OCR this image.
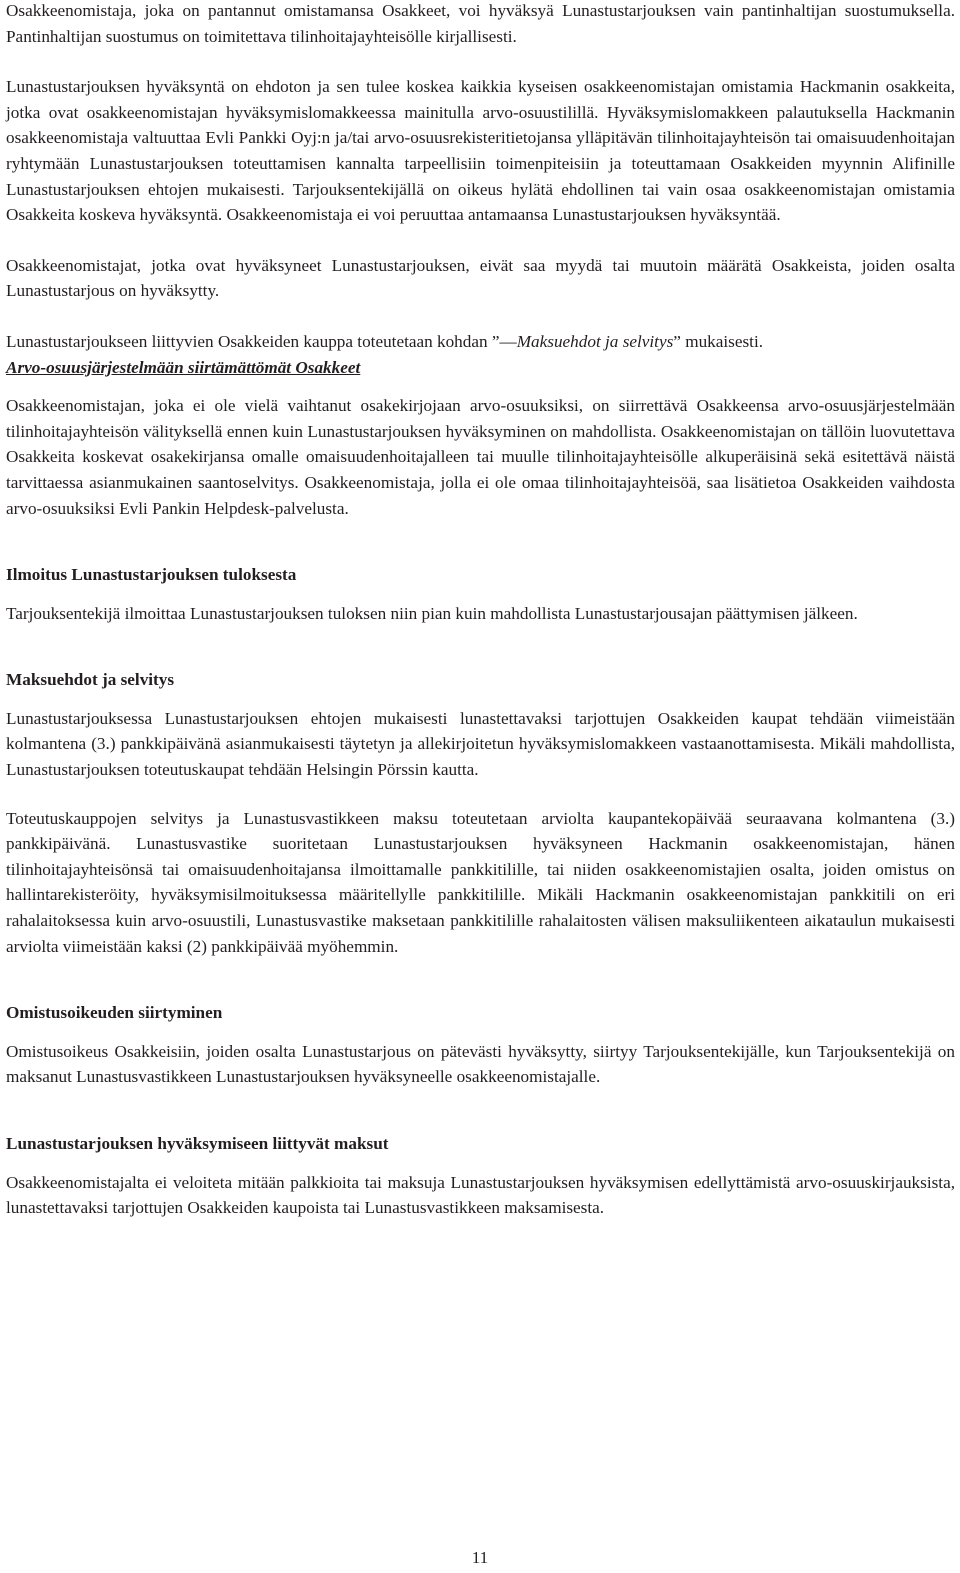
Osakkeenomistaja, joka on pantannut omistamansa Osakkeet, voi hyväksyä Lunastustarjouksen vain pantinhaltijan suostumuksella. Pantinhaltijan suostumus on toimitettava tilinhoitajayhteisölle kirjallisesti.

Lunastustarjouksen hyväksyntä on ehdoton ja sen tulee koskea kaikkia kyseisen osakkeenomistajan omistamia Hackmanin osakkeita, jotka ovat osakkeenomistajan hyväksymislomakkeessa mainitulla arvo-osuustilillä. Hyväksymislomakkeen palautuksella Hackmanin osakkeenomistaja valtuuttaa Evli Pankki Oyj:n ja/tai arvo-osuusrekisteritietojansa ylläpitävän tilinhoitajayhteisön tai omaisuudenhoitajan ryhtymään Lunastustarjouksen toteuttamisen kannalta tarpeellisiin toimenpiteisiin ja toteuttamaan Osakkeiden myynnin Alifinille Lunastustarjouksen ehtojen mukaisesti. Tarjouksentekijällä on oikeus hylätä ehdollinen tai vain osaa osakkeenomistajan omistamia Osakkeita koskeva hyväksyntä. Osakkeenomistaja ei voi peruuttaa antamaansa Lunastustarjouksen hyväksyntää.

Osakkeenomistajat, jotka ovat hyväksyneet Lunastustarjouksen, eivät saa myydä tai muutoin määrätä Osakkeista, joiden osalta Lunastustarjous on hyväksytty.

Lunastustarjoukseen liittyvien Osakkeiden kauppa toteutetaan kohdan ”—Maksuehdot ja selvitys” mukaisesti.

Arvo-osuusjärjestelmään siirtämättömät Osakkeet

Osakkeenomistajan, joka ei ole vielä vaihtanut osakekirjojaan arvo-osuuksiksi, on siirrettävä Osakkeensa arvo-osuusjärjestelmään tilinhoitajayhteisön välityksellä ennen kuin Lunastustarjouksen hyväksyminen on mahdollista. Osakkeenomistajan on tällöin luovutettava Osakkeita koskevat osakekirjansa omalle omaisuudenhoitajalleen tai muulle tilinhoitajayhteisölle alkuperäisinä sekä esitettävä näistä tarvittaessa asianmukainen saantoselvitys. Osakkeenomistaja, jolla ei ole omaa tilinhoitajayhteisöä, saa lisätietoa Osakkeiden vaihdosta arvo-osuuksiksi Evli Pankin Helpdesk-palvelusta.

Ilmoitus Lunastustarjouksen tuloksesta

Tarjouksentekijä ilmoittaa Lunastustarjouksen tuloksen niin pian kuin mahdollista Lunastustarjousajan päättymisen jälkeen.

Maksuehdot ja selvitys

Lunastustarjouksessa Lunastustarjouksen ehtojen mukaisesti lunastettavaksi tarjottujen Osakkeiden kaupat tehdään viimeistään kolmantena (3.) pankkipäivänä asianmukaisesti täytetyn ja allekirjoitetun hyväksymislomakkeen vastaanottamisesta. Mikäli mahdollista, Lunastustarjouksen toteutuskaupat tehdään Helsingin Pörssin kautta.

Toteutuskauppojen selvitys ja Lunastusvastikkeen maksu toteutetaan arviolta kaupantekopäivää seuraavana kolmantena (3.) pankkipäivänä. Lunastusvastike suoritetaan Lunastustarjouksen hyväksyneen Hackmanin osakkeenomistajan, hänen tilinhoitajayhteisönsä tai omaisuudenhoitajansa ilmoittamalle pankkitilille, tai niiden osakkeenomistajien osalta, joiden omistus on hallintarekisteröity, hyväksymisilmoituksessa määritellylle pankkitilille. Mikäli Hackmanin osakkeenomistajan pankkitili on eri rahalaitoksessa kuin arvo-osuustili, Lunastusvastike maksetaan pankkitilille rahalaitosten välisen maksuliikenteen aikataulun mukaisesti arviolta viimeistään kaksi (2) pankkipäivää myöhemmin.

Omistusoikeuden siirtyminen

Omistusoikeus Osakkeisiin, joiden osalta Lunastustarjous on pätevästi hyväksytty, siirtyy Tarjouksentekijälle, kun Tarjouksentekijä on maksanut Lunastusvastikkeen Lunastustarjouksen hyväksyneelle osakkeenomistajalle.

Lunastustarjouksen hyväksymiseen liittyvät maksut

Osakkeenomistajalta ei veloiteta mitään palkkioita tai maksuja Lunastustarjouksen hyväksymisen edellyttämistä arvo-osuuskirjauksista, lunastettavaksi tarjottujen Osakkeiden kaupoista tai Lunastusvastikkeen maksamisesta.

11
